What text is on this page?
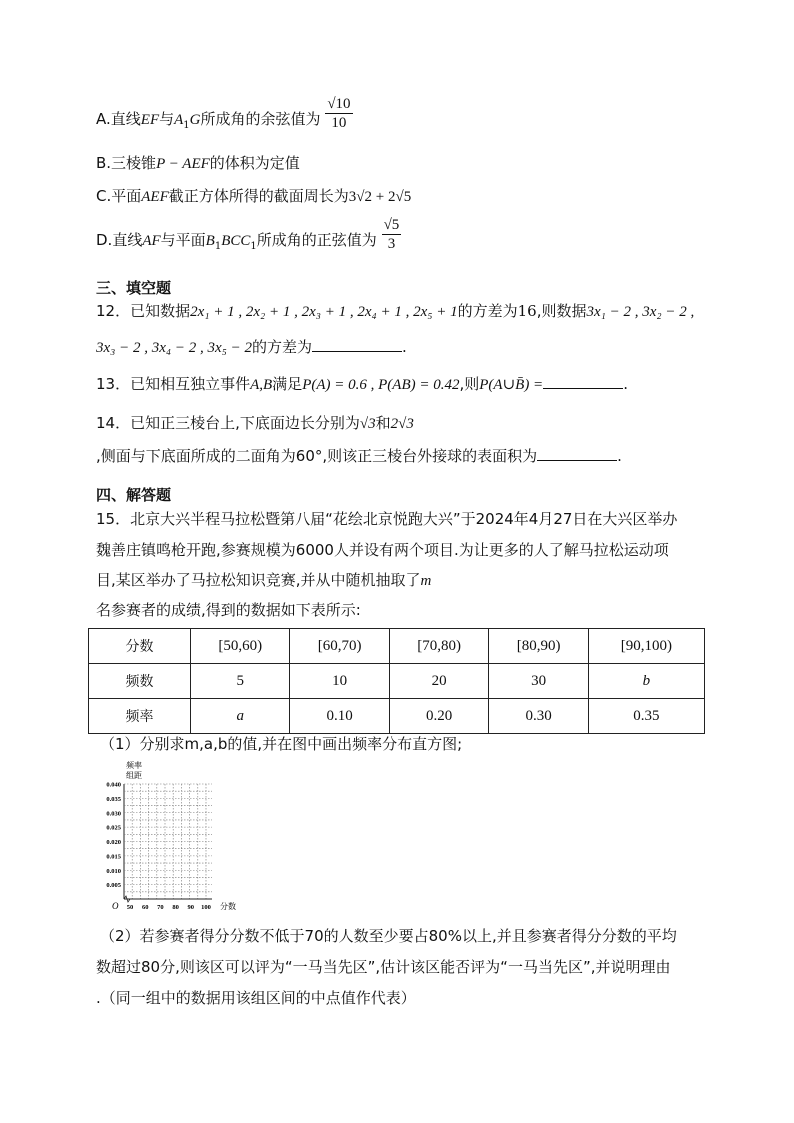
A.直线EF与$A_1G$所成角的余弦值为 $\frac{√10}{10}$
B.三棱锥P − AEF的体积为定值
C.平面AEF截正方体所得的截面周长为3√2 + 2√5
D.直线AF与平面$B_1BCC_1$所成角的正弦值为 $\frac{√5}{3}$
三、填空题
12．已知数据2x₁ + 1 , 2x₂ + 1 , 2x₃ + 1 , 2x₄ + 1 , 2x₅ + 1的方差为16,则数据3x₁ − 2 , 3x₂ − 2 ,
3x₃ − 2 , 3x₄ − 2 , 3x₅ − 2的方差为	.
13．已知相互独立事件A,B满足P(A) = 0.6 , P(AB) = 0.42,则P(A∪B̄) =	.
14．已知正三棱台上,下底面边长分别为√3和2√3
,侧面与下底面所成的二面角为60°,则该正三棱台外接球的表面积为	.
四、解答题
15．北京大兴半程马拉松暨第八届“花绘北京悦跑大兴”于2024年4月27日在大兴区举办
魏善庄镇鸣枪开跑,参赛规模为6000人并设有两个项目.为让更多的人了解马拉松运动项
目,某区举办了马拉松知识竞赛,并从中随机抽取了m
名参赛者的成绩,得到的数据如下表所示:
分数	[50,60)	[60,70)	[70,80)	[80,90)	[90,100)
频数	5	10	20	30	b
频率	a	0.10	0.20	0.30	0.35
（1）分别求m,a,b的值,并在图中画出频率分布直方图;
频率
组距
0.040
0.035
0.030
0.025
0.020
0.015
0.010
0.005
50 60 70 80 90 100
O	分数
（2）若参赛者得分分数不低于70的人数至少要占80%以上,并且参赛者得分分数的平均
数超过80分,则该区可以评为“一马当先区”,估计该区能否评为“一马当先区”,并说明理由
.（同一组中的数据用该组区间的中点值作代表）
